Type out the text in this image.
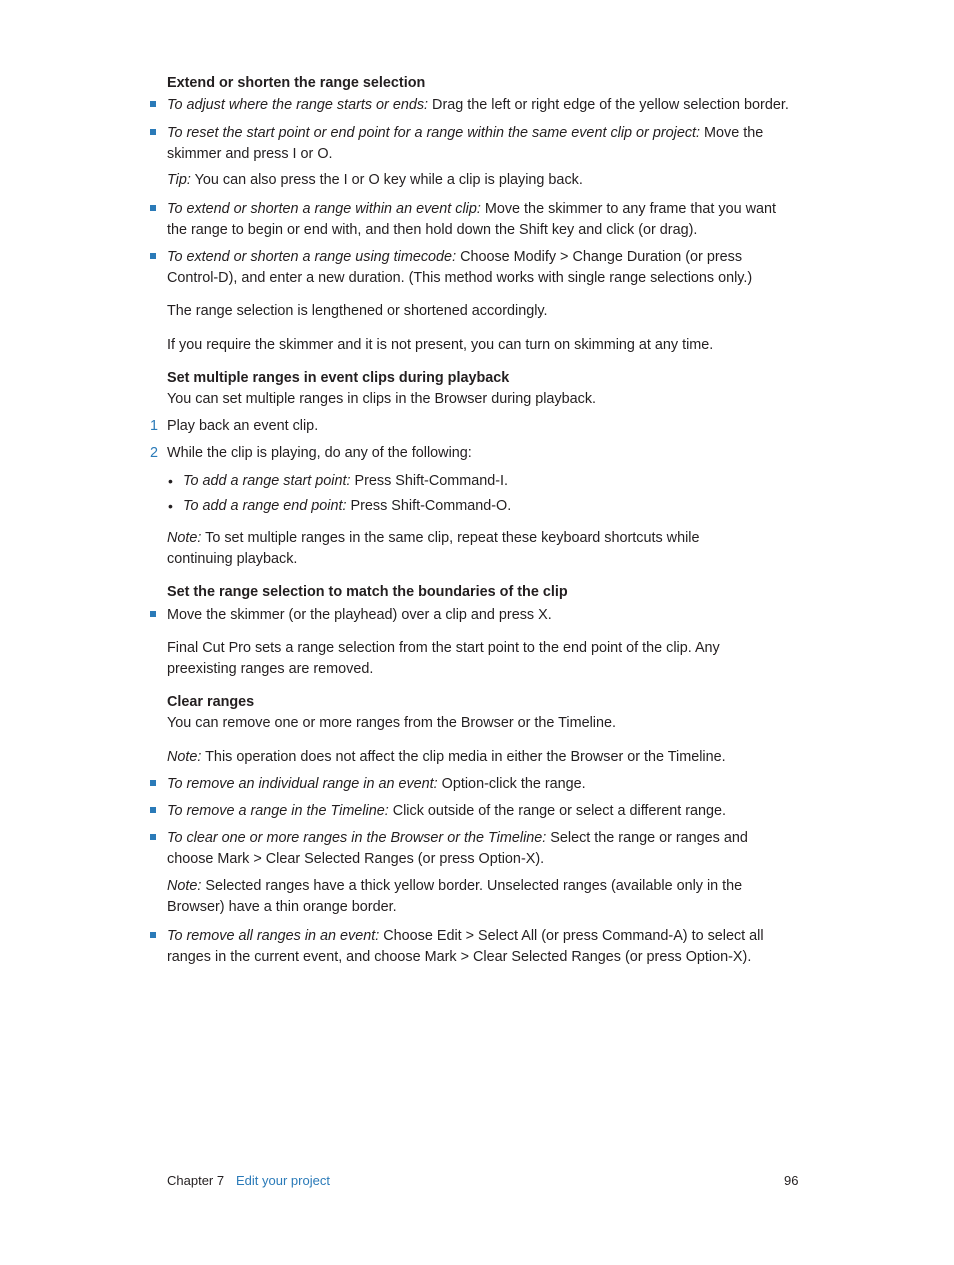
Extend or shorten the range selection

To adjust where the range starts or ends: Drag the left or right edge of the yellow selection border.

To reset the start point or end point for a range within the same event clip or project: Move the skimmer and press I or O.

Tip: You can also press the I or O key while a clip is playing back.

To extend or shorten a range within an event clip: Move the skimmer to any frame that you want the range to begin or end with, and then hold down the Shift key and click (or drag).

To extend or shorten a range using timecode: Choose Modify > Change Duration (or press Control-D), and enter a new duration. (This method works with single range selections only.)

The range selection is lengthened or shortened accordingly.

If you require the skimmer and it is not present, you can turn on skimming at any time.

Set multiple ranges in event clips during playback

You can set multiple ranges in clips in the Browser during playback.

1 Play back an event clip.

2 While the clip is playing, do any of the following:

• To add a range start point: Press Shift-Command-I.

• To add a range end point: Press Shift-Command-O.

Note: To set multiple ranges in the same clip, repeat these keyboard shortcuts while continuing playback.

Set the range selection to match the boundaries of the clip

Move the skimmer (or the playhead) over a clip and press X.

Final Cut Pro sets a range selection from the start point to the end point of the clip. Any preexisting ranges are removed.

Clear ranges

You can remove one or more ranges from the Browser or the Timeline.

Note: This operation does not affect the clip media in either the Browser or the Timeline.

To remove an individual range in an event: Option-click the range.

To remove a range in the Timeline: Click outside of the range or select a different range.

To clear one or more ranges in the Browser or the Timeline: Select the range or ranges and choose Mark > Clear Selected Ranges (or press Option-X).

Note: Selected ranges have a thick yellow border. Unselected ranges (available only in the Browser) have a thin orange border.

To remove all ranges in an event: Choose Edit > Select All (or press Command-A) to select all ranges in the current event, and choose Mark > Clear Selected Ranges (or press Option-X).

Chapter 7 Edit your project	96
